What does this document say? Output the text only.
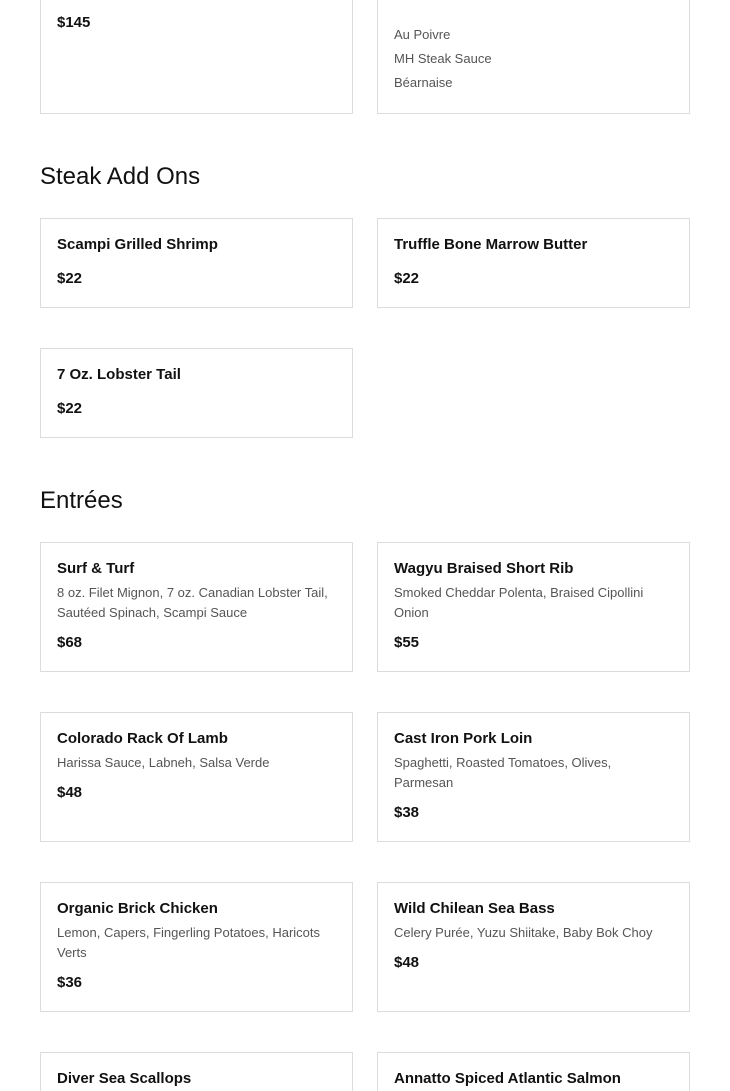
$145
Au Poivre
MH Steak Sauce
Béarnaise
Steak Add Ons
Scampi Grilled Shrimp
$22
Truffle Bone Marrow Butter
$22
7 Oz. Lobster Tail
$22
Entrées
Surf & Turf
8 oz. Filet Mignon, 7 oz. Canadian Lobster Tail, Sautéed Spinach, Scampi Sauce
$68
Wagyu Braised Short Rib
Smoked Cheddar Polenta, Braised Cipollini Onion
$55
Colorado Rack Of Lamb
Harissa Sauce, Labneh, Salsa Verde
$48
Cast Iron Pork Loin
Spaghetti, Roasted Tomatoes, Olives, Parmesan
$38
Organic Brick Chicken
Lemon, Capers, Fingerling Potatoes, Haricots Verts
$36
Wild Chilean Sea Bass
Celery Purée, Yuzu Shiitake, Baby Bok Choy
$48
Diver Sea Scallops	Annatto Spiced Atlantic Salmon
